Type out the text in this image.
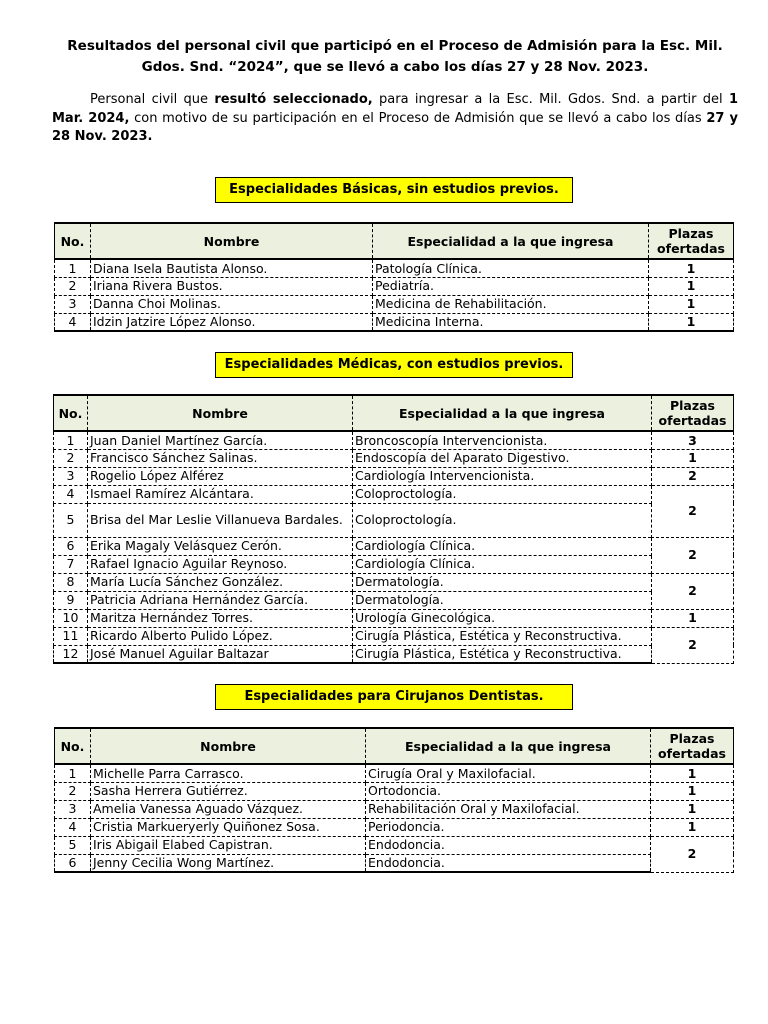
Resultados del personal civil que participó en el Proceso de Admisión para la Esc. Mil.
Gdos. Snd. “2024”, que se llevó a cabo los días 27 y 28 Nov. 2023.
Personal civil que resultó seleccionado, para ingresar a la Esc. Mil. Gdos. Snd. a partir del 1 Mar. 2024, con motivo de su participación en el Proceso de Admisión que se llevó a cabo los días 27 y 28 Nov. 2023.
Especialidades Básicas, sin estudios previos.
No.	Nombre	Especialidad a la que ingresa	Plazas
ofertadas

1	Diana Isela Bautista Alonso.	Patología Clínica.	1
2	Iriana Rivera Bustos.	Pediatría.	1
3	Danna Choi Molinas.	Medicina de Rehabilitación.	1
4	Idzin Jatzire López Alonso.	Medicina Interna.	1
Especialidades Médicas, con estudios previos.
No.	Nombre	Especialidad a la que ingresa	Plazas
ofertadas

1	Juan Daniel Martínez García.	Broncoscopía Intervencionista.	3
2	Francisco Sánchez Salinas.	Endoscopía del Aparato Digestivo.	1
3	Rogelio López Alférez	Cardiología Intervencionista.	2
4	Ismael Ramírez Alcántara.	Coloproctología.	2
5	Brisa del Mar Leslie Villanueva Bardales.	Coloproctología.	
6	Erika Magaly Velásquez Cerón.	Cardiología Clínica.	2
7	Rafael Ignacio Aguilar Reynoso.	Cardiología Clínica.	
8	María Lucía Sánchez González.	Dermatología.	2
9	Patricia Adriana Hernández García.	Dermatología.	
10	Maritza Hernández Torres.	Urología Ginecológica.	1
11	Ricardo Alberto Pulido López.	Cirugía Plástica, Estética y Reconstructiva.	2
12	José Manuel Aguilar Baltazar	Cirugía Plástica, Estética y Reconstructiva.	
Especialidades para Cirujanos Dentistas.
No.	Nombre	Especialidad a la que ingresa	Plazas
ofertadas

1	Michelle Parra Carrasco.	Cirugía Oral y Maxilofacial.	1
2	Sasha Herrera Gutiérrez.	Ortodoncia.	1
3	Amelia Vanessa Aguado Vázquez.	Rehabilitación Oral y Maxilofacial.	1
4	Cristia Markueryerly Quiñonez Sosa.	Periodoncia.	1
5	Iris Abigail Elabed Capistran.	Endodoncia.	2
6	Jenny Cecilia Wong Martínez.	Endodoncia.	
